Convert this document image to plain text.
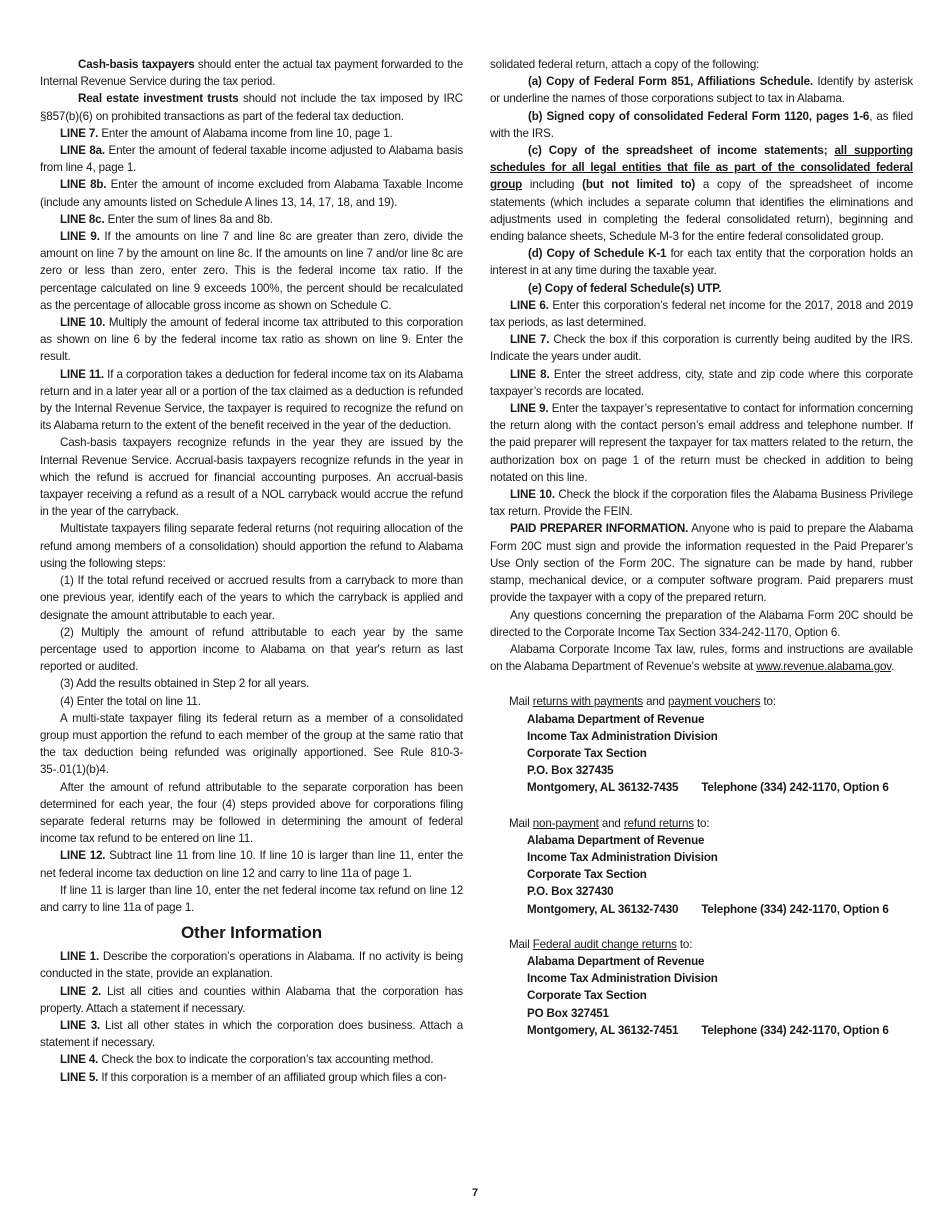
Cash-basis taxpayers should enter the actual tax payment forwarded to the Internal Revenue Service during the tax period.

Real estate investment trusts should not include the tax imposed by IRC §857(b)(6) on prohibited transactions as part of the federal tax deduction.

LINE 7. Enter the amount of Alabama income from line 10, page 1.

LINE 8a. Enter the amount of federal taxable income adjusted to Alabama basis from line 4, page 1.

LINE 8b. Enter the amount of income excluded from Alabama Taxable Income (include any amounts listed on Schedule A lines 13, 14, 17, 18, and 19).

LINE 8c. Enter the sum of lines 8a and 8b.

LINE 9. If the amounts on line 7 and line 8c are greater than zero, divide the amount on line 7 by the amount on line 8c. If the amounts on line 7 and/or line 8c are zero or less than zero, enter zero. This is the federal income tax ratio. If the percentage calculated on line 9 exceeds 100%, the percent should be recalculated as the percentage of allocable gross income as shown on Schedule C.

LINE 10. Multiply the amount of federal income tax attributed to this corporation as shown on line 6 by the federal income tax ratio as shown on line 9. Enter the result.

LINE 11. If a corporation takes a deduction for federal income tax on its Alabama return and in a later year all or a portion of the tax claimed as a deduction is refunded by the Internal Revenue Service, the taxpayer is required to recognize the refund on its Alabama return to the extent of the benefit received in the year of the deduction.

Cash-basis taxpayers recognize refunds in the year they are issued by the Internal Revenue Service. Accrual-basis taxpayers recognize refunds in the year in which the refund is accrued for financial accounting purposes. An accrual-basis taxpayer receiving a refund as a result of a NOL carryback would accrue the refund in the year of the carryback.

Multistate taxpayers filing separate federal returns (not requiring allocation of the refund among members of a consolidation) should apportion the refund to Alabama using the following steps:

(1) If the total refund received or accrued results from a carryback to more than one previous year, identify each of the years to which the carryback is applied and designate the amount attributable to each year.

(2) Multiply the amount of refund attributable to each year by the same percentage used to apportion income to Alabama on that year's return as last reported or audited.

(3) Add the results obtained in Step 2 for all years.

(4) Enter the total on line 11.

A multi-state taxpayer filing its federal return as a member of a consolidated group must apportion the refund to each member of the group at the same ratio that the tax deduction being refunded was originally apportioned. See Rule 810-3-35-.01(1)(b)4.

After the amount of refund attributable to the separate corporation has been determined for each year, the four (4) steps provided above for corporations filing separate federal returns may be followed in determining the amount of federal income tax refund to be entered on line 11.

LINE 12. Subtract line 11 from line 10. If line 10 is larger than line 11, enter the net federal income tax deduction on line 12 and carry to line 11a of page 1.

If line 11 is larger than line 10, enter the net federal income tax refund on line 12 and carry to line 11a of page 1.

Other Information

LINE 1. Describe the corporation’s operations in Alabama. If no activity is being conducted in the state, provide an explanation.

LINE 2. List all cities and counties within Alabama that the corporation has property. Attach a statement if necessary.

LINE 3. List all other states in which the corporation does business. Attach a statement if necessary.

LINE 4. Check the box to indicate the corporation’s tax accounting method.

LINE 5. If this corporation is a member of an affiliated group which files a con-

solidated federal return, attach a copy of the following:

(a) Copy of Federal Form 851, Affiliations Schedule. Identify by asterisk or underline the names of those corporations subject to tax in Alabama.

(b) Signed copy of consolidated Federal Form 1120, pages 1-6, as filed with the IRS.

(c) Copy of the spreadsheet of income statements; all supporting schedules for all legal entities that file as part of the consolidated federal group including (but not limited to) a copy of the spreadsheet of income statements (which includes a separate column that identifies the eliminations and adjustments used in completing the federal consolidated return), beginning and ending balance sheets, Schedule M-3 for the entire federal consolidated group.

(d) Copy of Schedule K-1 for each tax entity that the corporation holds an interest in at any time during the taxable year.

(e) Copy of federal Schedule(s) UTP.

LINE 6. Enter this corporation’s federal net income for the 2017, 2018 and 2019 tax periods, as last determined.

LINE 7. Check the box if this corporation is currently being audited by the IRS. Indicate the years under audit.

LINE 8. Enter the street address, city, state and zip code where this corporate taxpayer’s records are located.

LINE 9. Enter the taxpayer’s representative to contact for information concerning the return along with the contact person’s email address and telephone number. If the paid preparer will represent the taxpayer for tax matters related to the return, the authorization box on page 1 of the return must be checked in addition to being notated on this line.

LINE 10. Check the block if the corporation files the Alabama Business Privilege tax return. Provide the FEIN.

PAID PREPARER INFORMATION. Anyone who is paid to prepare the Alabama Form 20C must sign and provide the information requested in the Paid Preparer’s Use Only section of the Form 20C. The signature can be made by hand, rubber stamp, mechanical device, or a computer software program. Paid preparers must provide the taxpayer with a copy of the prepared return.

Any questions concerning the preparation of the Alabama Form 20C should be directed to the Corporate Income Tax Section 334-242-1170, Option 6.

Alabama Corporate Income Tax law, rules, forms and instructions are available on the Alabama Department of Revenue’s website at www.revenue.alabama.gov.

Mail returns with payments and payment vouchers to:
Alabama Department of Revenue
Income Tax Administration Division
Corporate Tax Section
P.O. Box 327435
Montgomery, AL 36132-7435 Telephone (334) 242-1170, Option 6
Mail non-payment and refund returns to:
Alabama Department of Revenue
Income Tax Administration Division
Corporate Tax Section
P.O. Box 327430
Montgomery, AL 36132-7430 Telephone (334) 242-1170, Option 6
Mail Federal audit change returns to:
Alabama Department of Revenue
Income Tax Administration Division
Corporate Tax Section
PO Box 327451
Montgomery, AL 36132-7451 Telephone (334) 242-1170, Option 6
7
